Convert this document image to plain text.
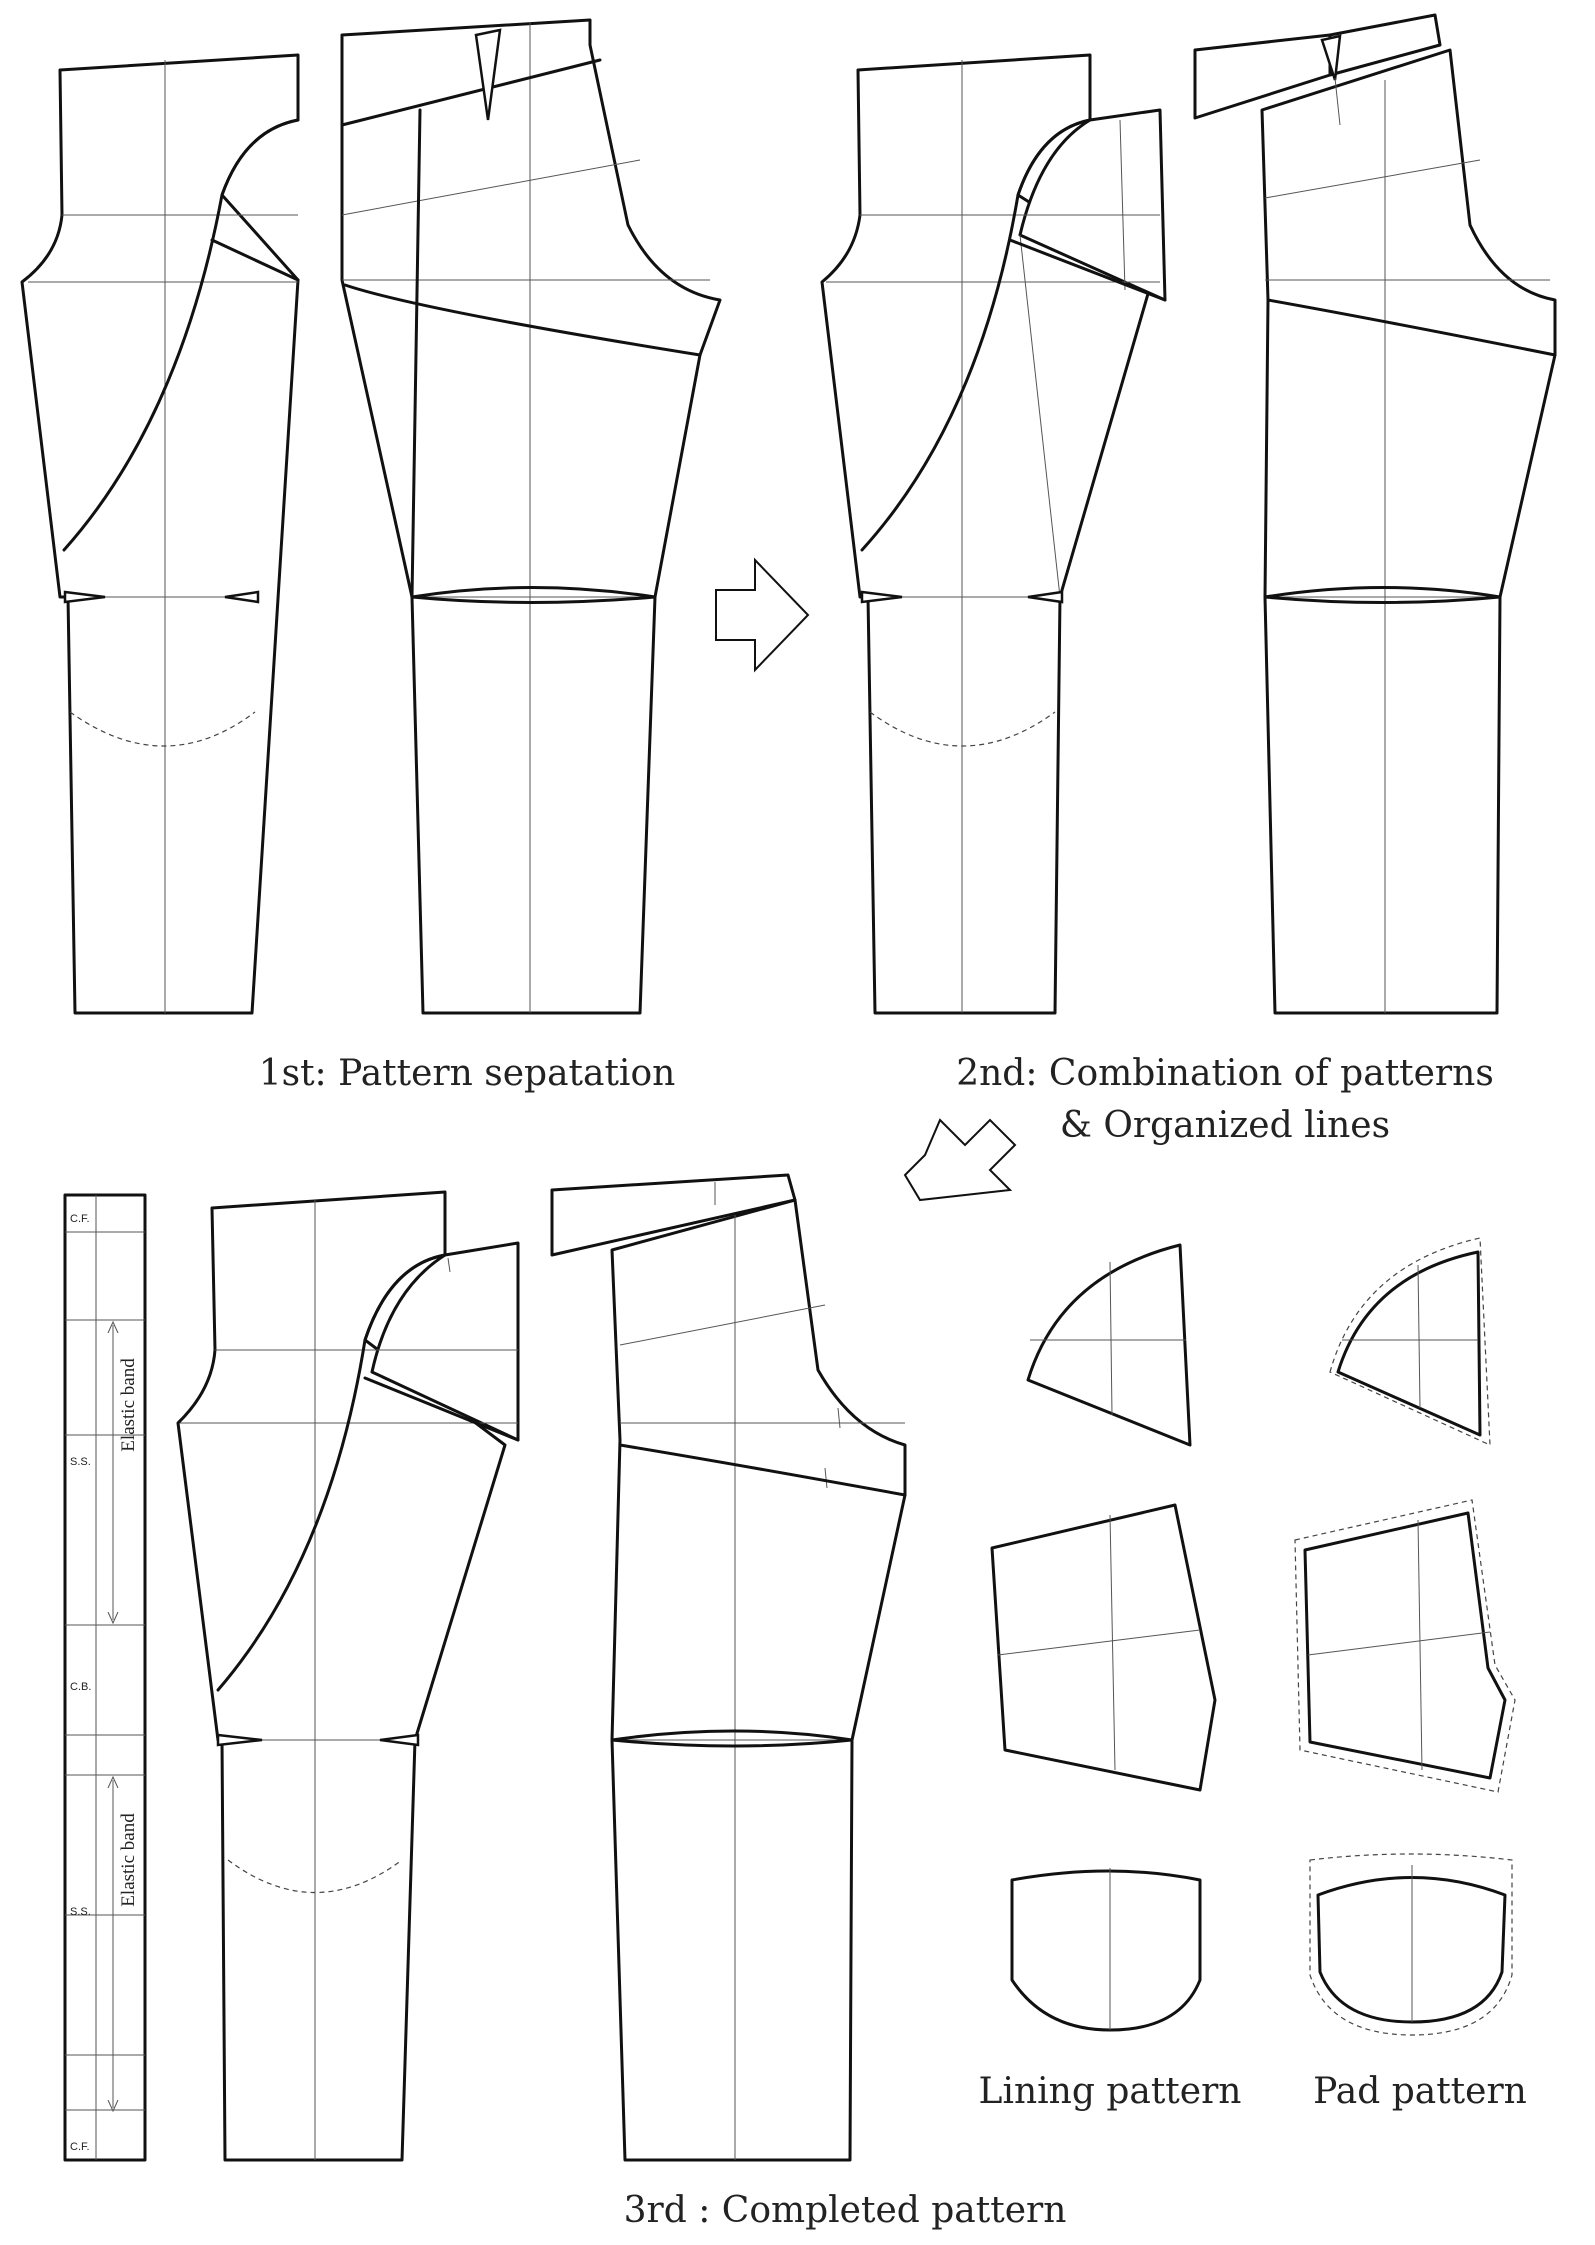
1st: Pattern sepatation	2nd: Combination of patterns
& Organized lines
C.F.
S.S.
C.B.
S.S.
C.F.
Elastic band
Elastic band
Lining pattern Pad pattern
3rd : Completed pattern
